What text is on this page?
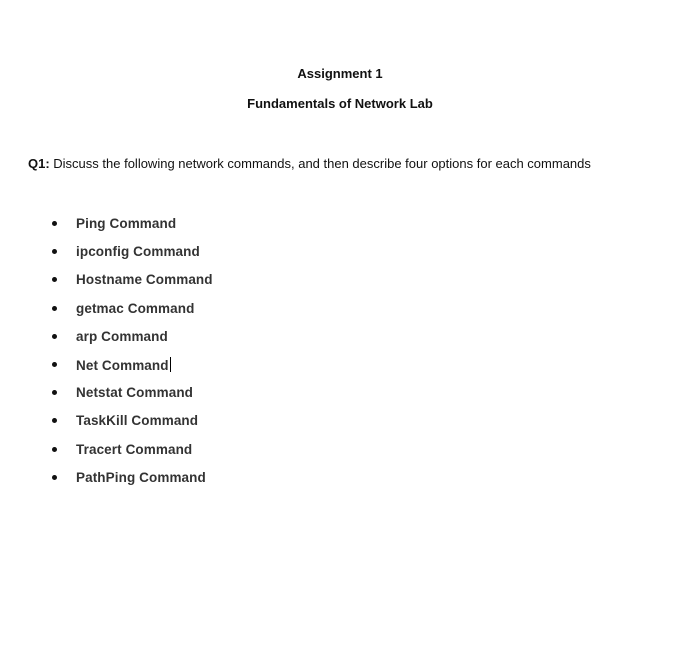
Assignment 1
Fundamentals of Network Lab
Q1: Discuss the following network commands, and then describe four options for each commands
Ping Command
ipconfig Command
Hostname Command
getmac Command
arp Command
Net Command
Netstat Command
TaskKill Command
Tracert Command
PathPing Command
